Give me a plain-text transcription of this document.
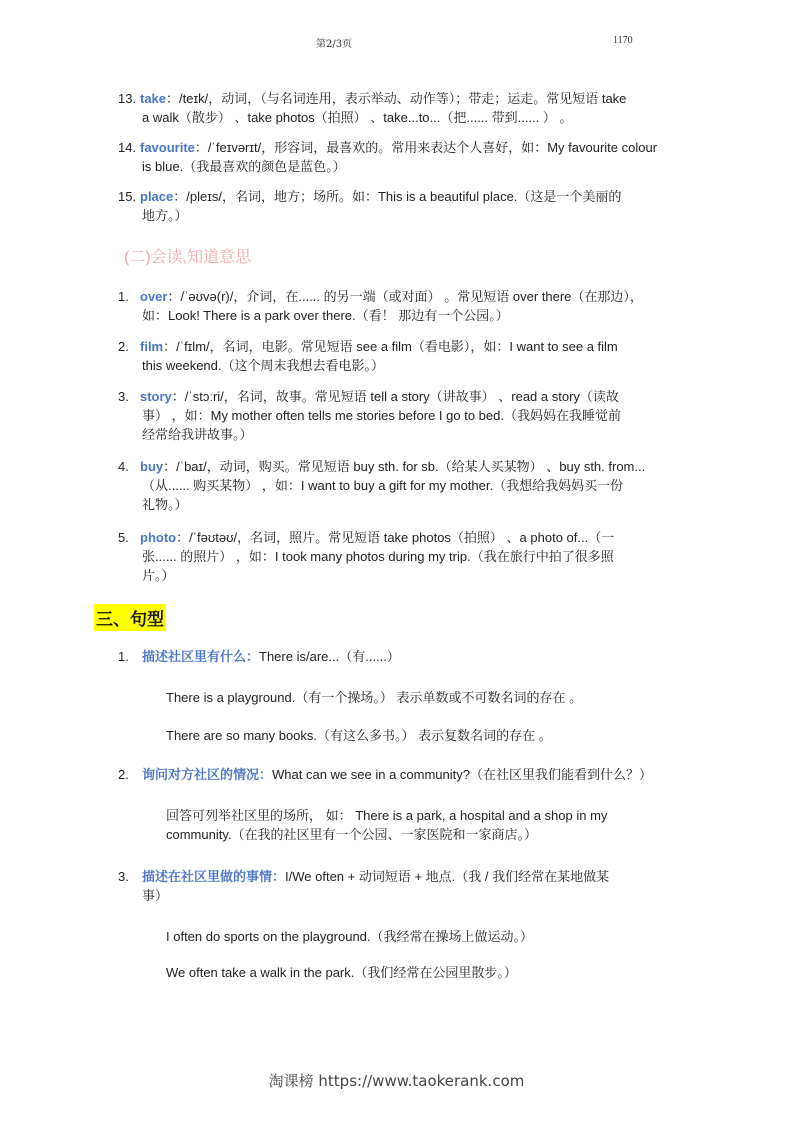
第2/3页	1170
13. take：/teɪk/，动词，（与名词连用，表示举动、动作等）；带走；运走。常见短语 take
a walk（散步） 、take photos（拍照） 、take...to...（把...... 带到...... ） 。
14. favourite：/ˈfeɪvərɪt/，形容词，最喜欢的。常用来表达个人喜好，如：My favourite colour
is blue.（我最喜欢的颜色是蓝色。）
15. place：/pleɪs/，名词，地方；场所。如：This is a beautiful place.（这是一个美丽的
地方。）
(二)会读,知道意思
1. over：/ˈəʊvə(r)/，介词，在...... 的另一端（或对面） 。常见短语 over there（在那边），
如：Look! There is a park over there.（看！ 那边有一个公园。）
2. film：/ˈfɪlm/，名词，电影。常见短语 see a film（看电影），如：I want to see a film
this weekend.（这个周末我想去看电影。）
3. story：/ˈstɔːri/，名词，故事。常见短语 tell a story（讲故事） 、read a story（读故
事） ，如：My mother often tells me stories before I go to bed.（我妈妈在我睡觉前
经常给我讲故事。）
4. buy：/ˈbaɪ/，动词，购买。常见短语 buy sth. for sb.（给某人买某物） 、buy sth. from...
（从...... 购买某物） ，如：I want to buy a gift for my mother.（我想给我妈妈买一份
礼物。）
5. photo：/ˈfəʊtəʊ/，名词，照片。常见短语 take photos（拍照） 、a photo of...（一
张...... 的照片） ，如：I took many photos during my trip.（我在旅行中拍了很多照
片。）
三、句型
1. 描述社区里有什么：There is/are...（有......）
There is a playground.（有一个操场。） 表示单数或不可数名词的存在 。
There are so many books.（有这么多书。） 表示复数名词的存在 。
2. 询问对方社区的情况：What can we see in a community?（在社区里我们能看到什么？）
回答可列举社区里的场所， 如： There is a park, a hospital and a shop in my
community.（在我的社区里有一个公园、一家医院和一家商店。）
3. 描述在社区里做的事情：I/We often + 动词短语 + 地点.（我 / 我们经常在某地做某
事）
I often do sports on the playground.（我经常在操场上做运动。）
We often take a walk in the park.（我们经常在公园里散步。）
淘课榜 https://www.taokerank.com
